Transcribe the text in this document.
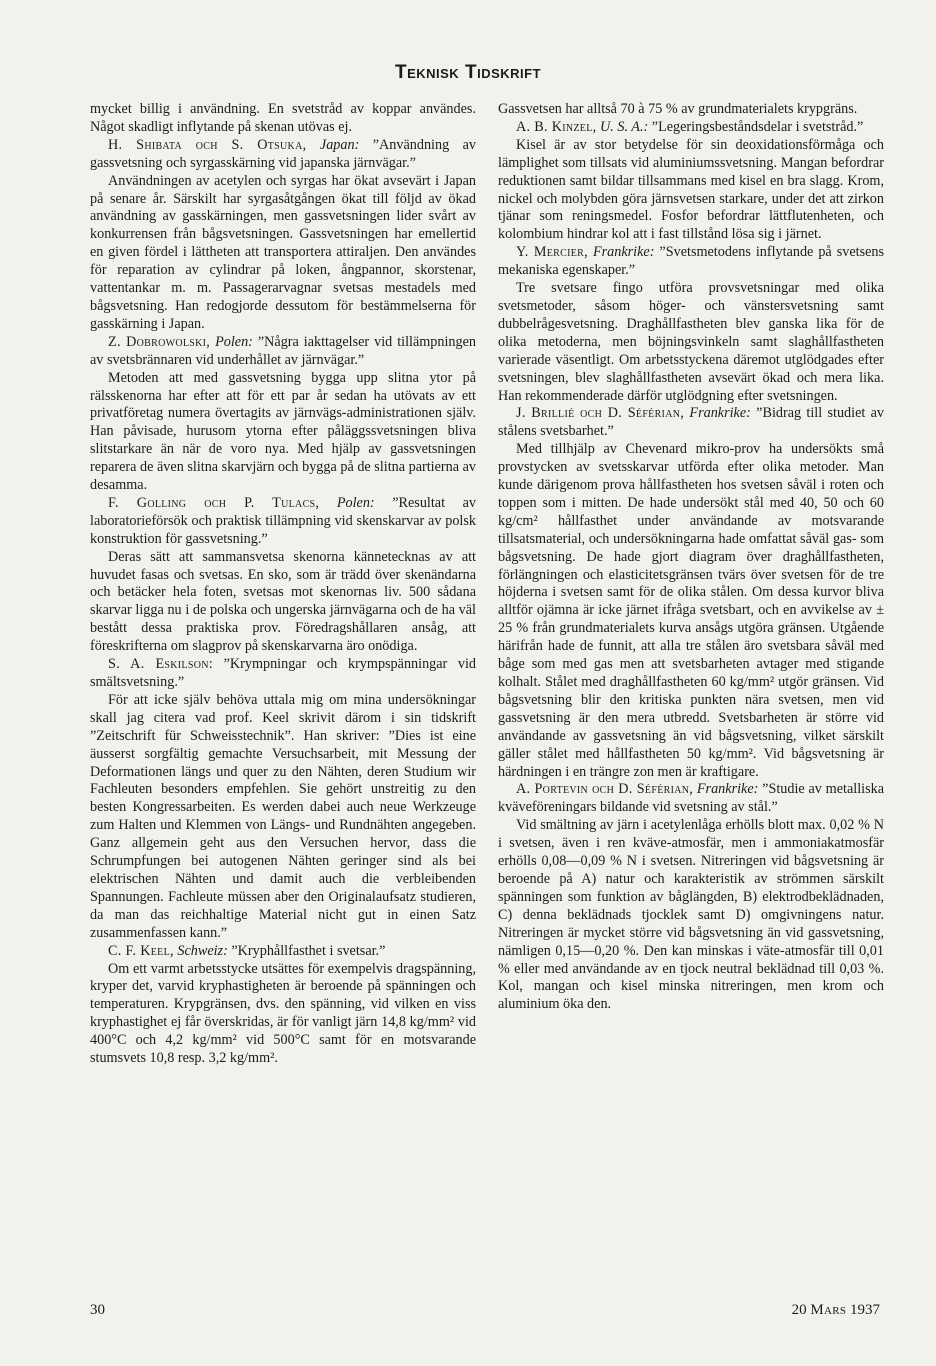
Teknisk Tidskrift

mycket billig i användning. En svetstråd av koppar användes. Något skadligt inflytande på skenan utövas ej.

H. Shibata och S. Otsuka, Japan: ”Användning av gassvetsning och syrgasskärning vid japanska järnvägar.”

Användningen av acetylen och syrgas har ökat avsevärt i Japan på senare år. Särskilt har syrgasåtgången ökat till följd av ökad användning av gasskärningen, men gassvetsningen lider svårt av konkurrensen från bågsvetsningen. Gassvetsningen har emellertid en given fördel i lättheten att transportera attiraljen. Den användes för reparation av cylindrar på loken, ångpannor, skorstenar, vattentankar m. m. Passagerarvagnar svetsas mestadels med bågsvetsning. Han redogjorde dessutom för bestämmelserna för gasskärning i Japan.

Z. Dobrowolski, Polen: ”Några iakttagelser vid tillämpningen av svetsbrännaren vid underhållet av järnvägar.”

Metoden att med gassvetsning bygga upp slitna ytor på rälsskenorna har efter att för ett par år sedan ha utövats av ett privatföretag numera övertagits av järnvägs-administrationen själv. Han påvisade, hurusom ytorna efter påläggssvetsningen bliva slitstarkare än när de voro nya. Med hjälp av gassvetsningen reparera de även slitna skarvjärn och bygga på de slitna partierna av desamma.

F. Golling och P. Tulacs, Polen: ”Resultat av laboratorieförsök och praktisk tillämpning vid skenskarvar av polsk konstruktion för gassvetsning.”

Deras sätt att sammansvetsa skenorna kännetecknas av att huvudet fasas och svetsas. En sko, som är trädd över skenändarna och betäcker hela foten, svetsas mot skenornas liv. 500 sådana skarvar ligga nu i de polska och ungerska järnvägarna och de ha väl bestått dessa praktiska prov. Föredragshållaren ansåg, att föreskrifterna om slagprov på skenskarvarna äro onödiga.

S. A. Eskilson: ”Krympningar och krympspänningar vid smältsvetsning.”

För att icke själv behöva uttala mig om mina undersökningar skall jag citera vad prof. Keel skrivit därom i sin tidskrift ”Zeitschrift für Schweisstechnik”. Han skriver: ”Dies ist eine äusserst sorgfältig gemachte Versuchsarbeit, mit Messung der Deformationen längs und quer zu den Nähten, deren Studium wir Fachleuten besonders empfehlen. Sie gehört unstreitig zu den besten Kongressarbeiten. Es werden dabei auch neue Werkzeuge zum Halten und Klemmen von Längs- und Rundnähten angegeben. Ganz allgemein geht aus den Versuchen hervor, dass die Schrumpfungen bei autogenen Nähten geringer sind als bei elektrischen Nähten und damit auch die verbleibenden Spannungen. Fachleute müssen aber den Originalaufsatz studieren, da man das reichhaltige Material nicht gut in einen Satz zusammenfassen kann.”

C. F. Keel, Schweiz: ”Kryphållfasthet i svetsar.”

Om ett varmt arbetsstycke utsättes för exempelvis dragspänning, kryper det, varvid kryphastigheten är beroende på spänningen och temperaturen. Krypgränsen, dvs. den spänning, vid vilken en viss kryphastighet ej får överskridas, är för vanligt järn 14,8 kg/mm² vid 400°C och 4,2 kg/mm² vid 500°C samt för en motsvarande stumsvets 10,8 resp. 3,2 kg/mm².

Gassvetsen har alltså 70 à 75 % av grundmaterialets krypgräns.

A. B. Kinzel, U. S. A.: ”Legeringsbeståndsdelar i svetstråd.”

Kisel är av stor betydelse för sin deoxidationsförmåga och lämplighet som tillsats vid aluminiumssvetsning. Mangan befordrar reduktionen samt bildar tillsammans med kisel en bra slagg. Krom, nickel och molybden göra järnsvetsen starkare, under det att zirkon tjänar som reningsmedel. Fosfor befordrar lättflutenheten, och kolombium hindrar kol att i fast tillstånd lösa sig i järnet.

Y. Mercier, Frankrike: ”Svetsmetodens inflytande på svetsens mekaniska egenskaper.”

Tre svetsare fingo utföra provsvetsningar med olika svetsmetoder, såsom höger- och vänstersvetsning samt dubbelrågesvetsning. Draghållfastheten blev ganska lika för de olika metoderna, men böjningsvinkeln samt slaghållfastheten varierade väsentligt. Om arbetsstyckena däremot utglödgades efter svetsningen, blev slaghållfastheten avsevärt ökad och mera lika. Han rekommenderade därför utglödgning efter svetsningen.

J. Brillié och D. Séférian, Frankrike: ”Bidrag till studiet av stålens svetsbarhet.”

Med tillhjälp av Chevenard mikro-prov ha undersökts små provstycken av svetsskarvar utförda efter olika metoder. Man kunde därigenom prova hållfastheten hos svetsen såväl i roten och toppen som i mitten. De hade undersökt stål med 40, 50 och 60 kg/cm² hållfasthet under användande av motsvarande tillsatsmaterial, och undersökningarna hade omfattat såväl gas- som bågsvetsning. De hade gjort diagram över draghållfastheten, förlängningen och elasticitetsgränsen tvärs över svetsen för de tre höjderna i svetsen samt för de olika stålen. Om dessa kurvor bliva alltför ojämna är icke järnet ifråga svetsbart, och en avvikelse av ± 25 % från grundmaterialets kurva ansågs utgöra gränsen. Utgående härifrån hade de funnit, att alla tre stålen äro svetsbara såväl med båge som med gas men att svetsbarheten avtager med stigande kolhalt. Stålet med draghållfastheten 60 kg/mm² utgör gränsen. Vid bågsvetsning blir den kritiska punkten nära svetsen, men vid gassvetsning är den mera utbredd. Svetsbarheten är större vid användande av gassvetsning än vid bågsvetsning, vilket särskilt gäller stålet med hållfastheten 50 kg/mm². Vid bågsvetsning är härdningen i en trängre zon men är kraftigare.

A. Portevin och D. Séférian, Frankrike: ”Studie av metalliska kväveföreningars bildande vid svetsning av stål.”

Vid smältning av järn i acetylenlåga erhölls blott max. 0,02 % N i svetsen, även i ren kväve-atmosfär, men i ammoniakatmosfär erhölls 0,08—0,09 % N i svetsen. Nitreringen vid bågsvetsning är beroende på A) natur och karakteristik av strömmen särskilt spänningen som funktion av båglängden, B) elektrodbeklädnaden, C) denna beklädnads tjocklek samt D) omgivningens natur. Nitreringen är mycket större vid bågsvetsning än vid gassvetsning, nämligen 0,15—0,20 %. Den kan minskas i väte-atmosfär till 0,01 % eller med användande av en tjock neutral beklädnad till 0,03 %. Kol, mangan och kisel minska nitreringen, men krom och aluminium öka den.

30	20 Mars 1937
